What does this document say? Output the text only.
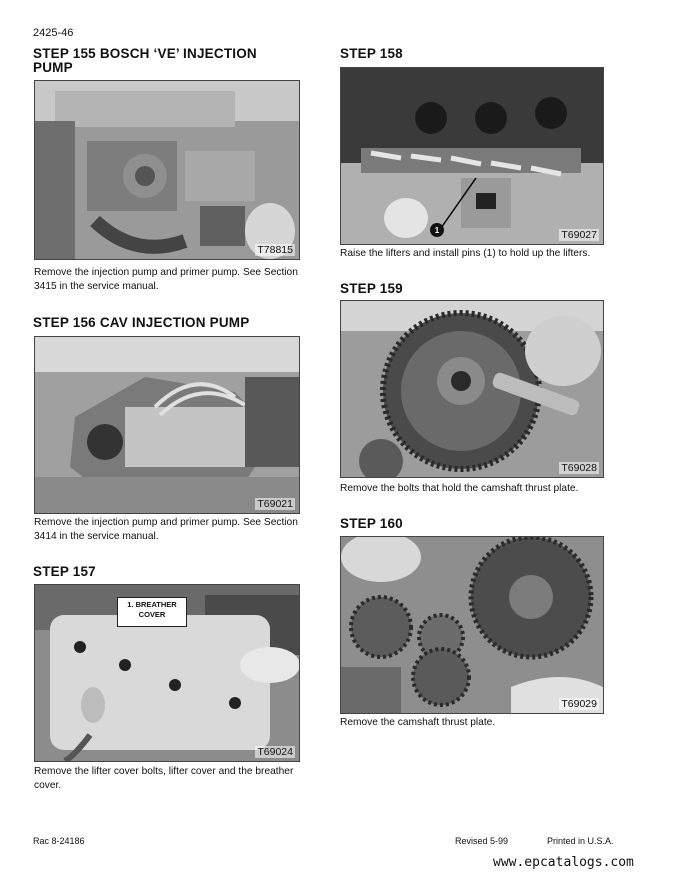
2425-46
STEP 155 BOSCH ‘VE’ INJECTION
PUMP
T78815
Remove the injection pump and primer pump. See Section
3415 in the service manual.
STEP 156 CAV INJECTION PUMP
T69021
Remove the injection pump and primer pump. See Section
3414 in the service manual.
STEP 157
1. BREATHER
COVER
T69024
Remove the lifter cover bolts, lifter cover and the breather
cover.
STEP 158
1	T69027
Raise the lifters and install pins (1) to hold up the lifters.
STEP 159
T69028
Remove the bolts that hold the camshaft thrust plate.
STEP 160
T69029
Remove the camshaft thrust plate.
Rac 8-24186	Revised 5-99	Printed in U.S.A.
www.epcatalogs.com
